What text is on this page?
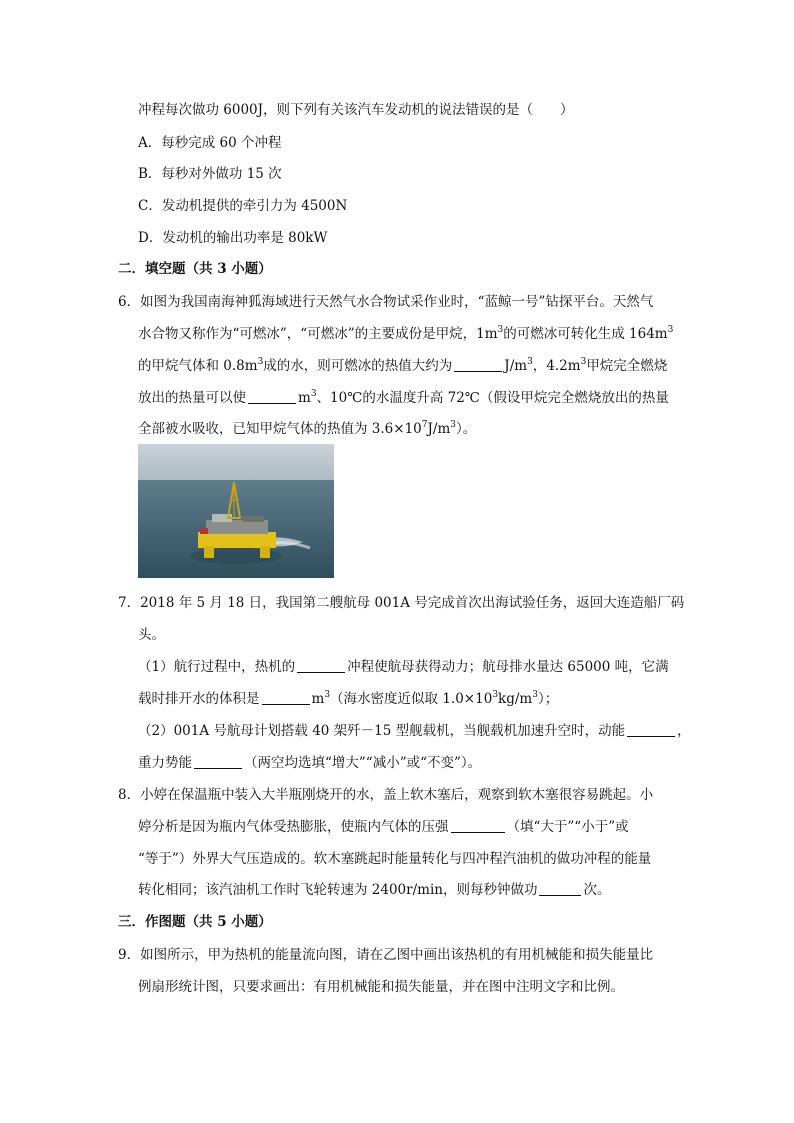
冲程每次做功 6000J，则下列有关该汽车发动机的说法错误的是（　　）
A．每秒完成 60 个冲程
B．每秒对外做功 15 次
C．发动机提供的牵引力为 4500N
D．发动机的输出功率是 80kW
二．填空题（共 3 小题）
6．如图为我国南海神狐海域进行天然气水合物试采作业时，“蓝鲸一号”钻探平台。天然气
水合物又称作为“可燃冰”，“可燃冰”的主要成份是甲烷，$1m^3$的可燃冰可转化生成 $164m^3$
的甲烷气体和 $0.8m^3$成的水，则可燃冰的热值大约为	$J/m^3$，$4.2m^3$甲烷完全燃烧
放出的热量可以使	$m^3$、10℃的水温度升高 72℃（假设甲烷完全燃烧放出的热量
全部被水吸收，已知甲烷气体的热值为 $3.6\times 10^7J/m^3$）。
7．2018 年 5 月 18 日，我国第二艘航母 001A 号完成首次出海试验任务，返回大连造船厂码
头。
（1）航行过程中，热机的	冲程使航母获得动力；航母排水量达 65000 吨，它满
载时排开水的体积是	$m^3$（海水密度近似取 $1.0\times 10^3kg/m^3$）；
（2）001A 号航母计划搭载 40 架歼－15 型舰载机，当舰载机加速升空时，动能	，
重力势能	（两空均选填“增大”“减小”或“不变”）。
8．小婷在保温瓶中装入大半瓶刚烧开的水，盖上软木塞后，观察到软木塞很容易跳起。小
婷分析是因为瓶内气体受热膨胀，使瓶内气体的压强	（填“大于”“小于”或
“等于”）外界大气压造成的。软木塞跳起时能量转化与四冲程汽油机的做功冲程的能量
转化相同；该汽油机工作时飞轮转速为 2400r/min，则每秒钟做功	次。
三．作图题（共 5 小题）
9．如图所示，甲为热机的能量流向图，请在乙图中画出该热机的有用机械能和损失能量比
例扇形统计图，只要求画出：有用机械能和损失能量，并在图中注明文字和比例。
